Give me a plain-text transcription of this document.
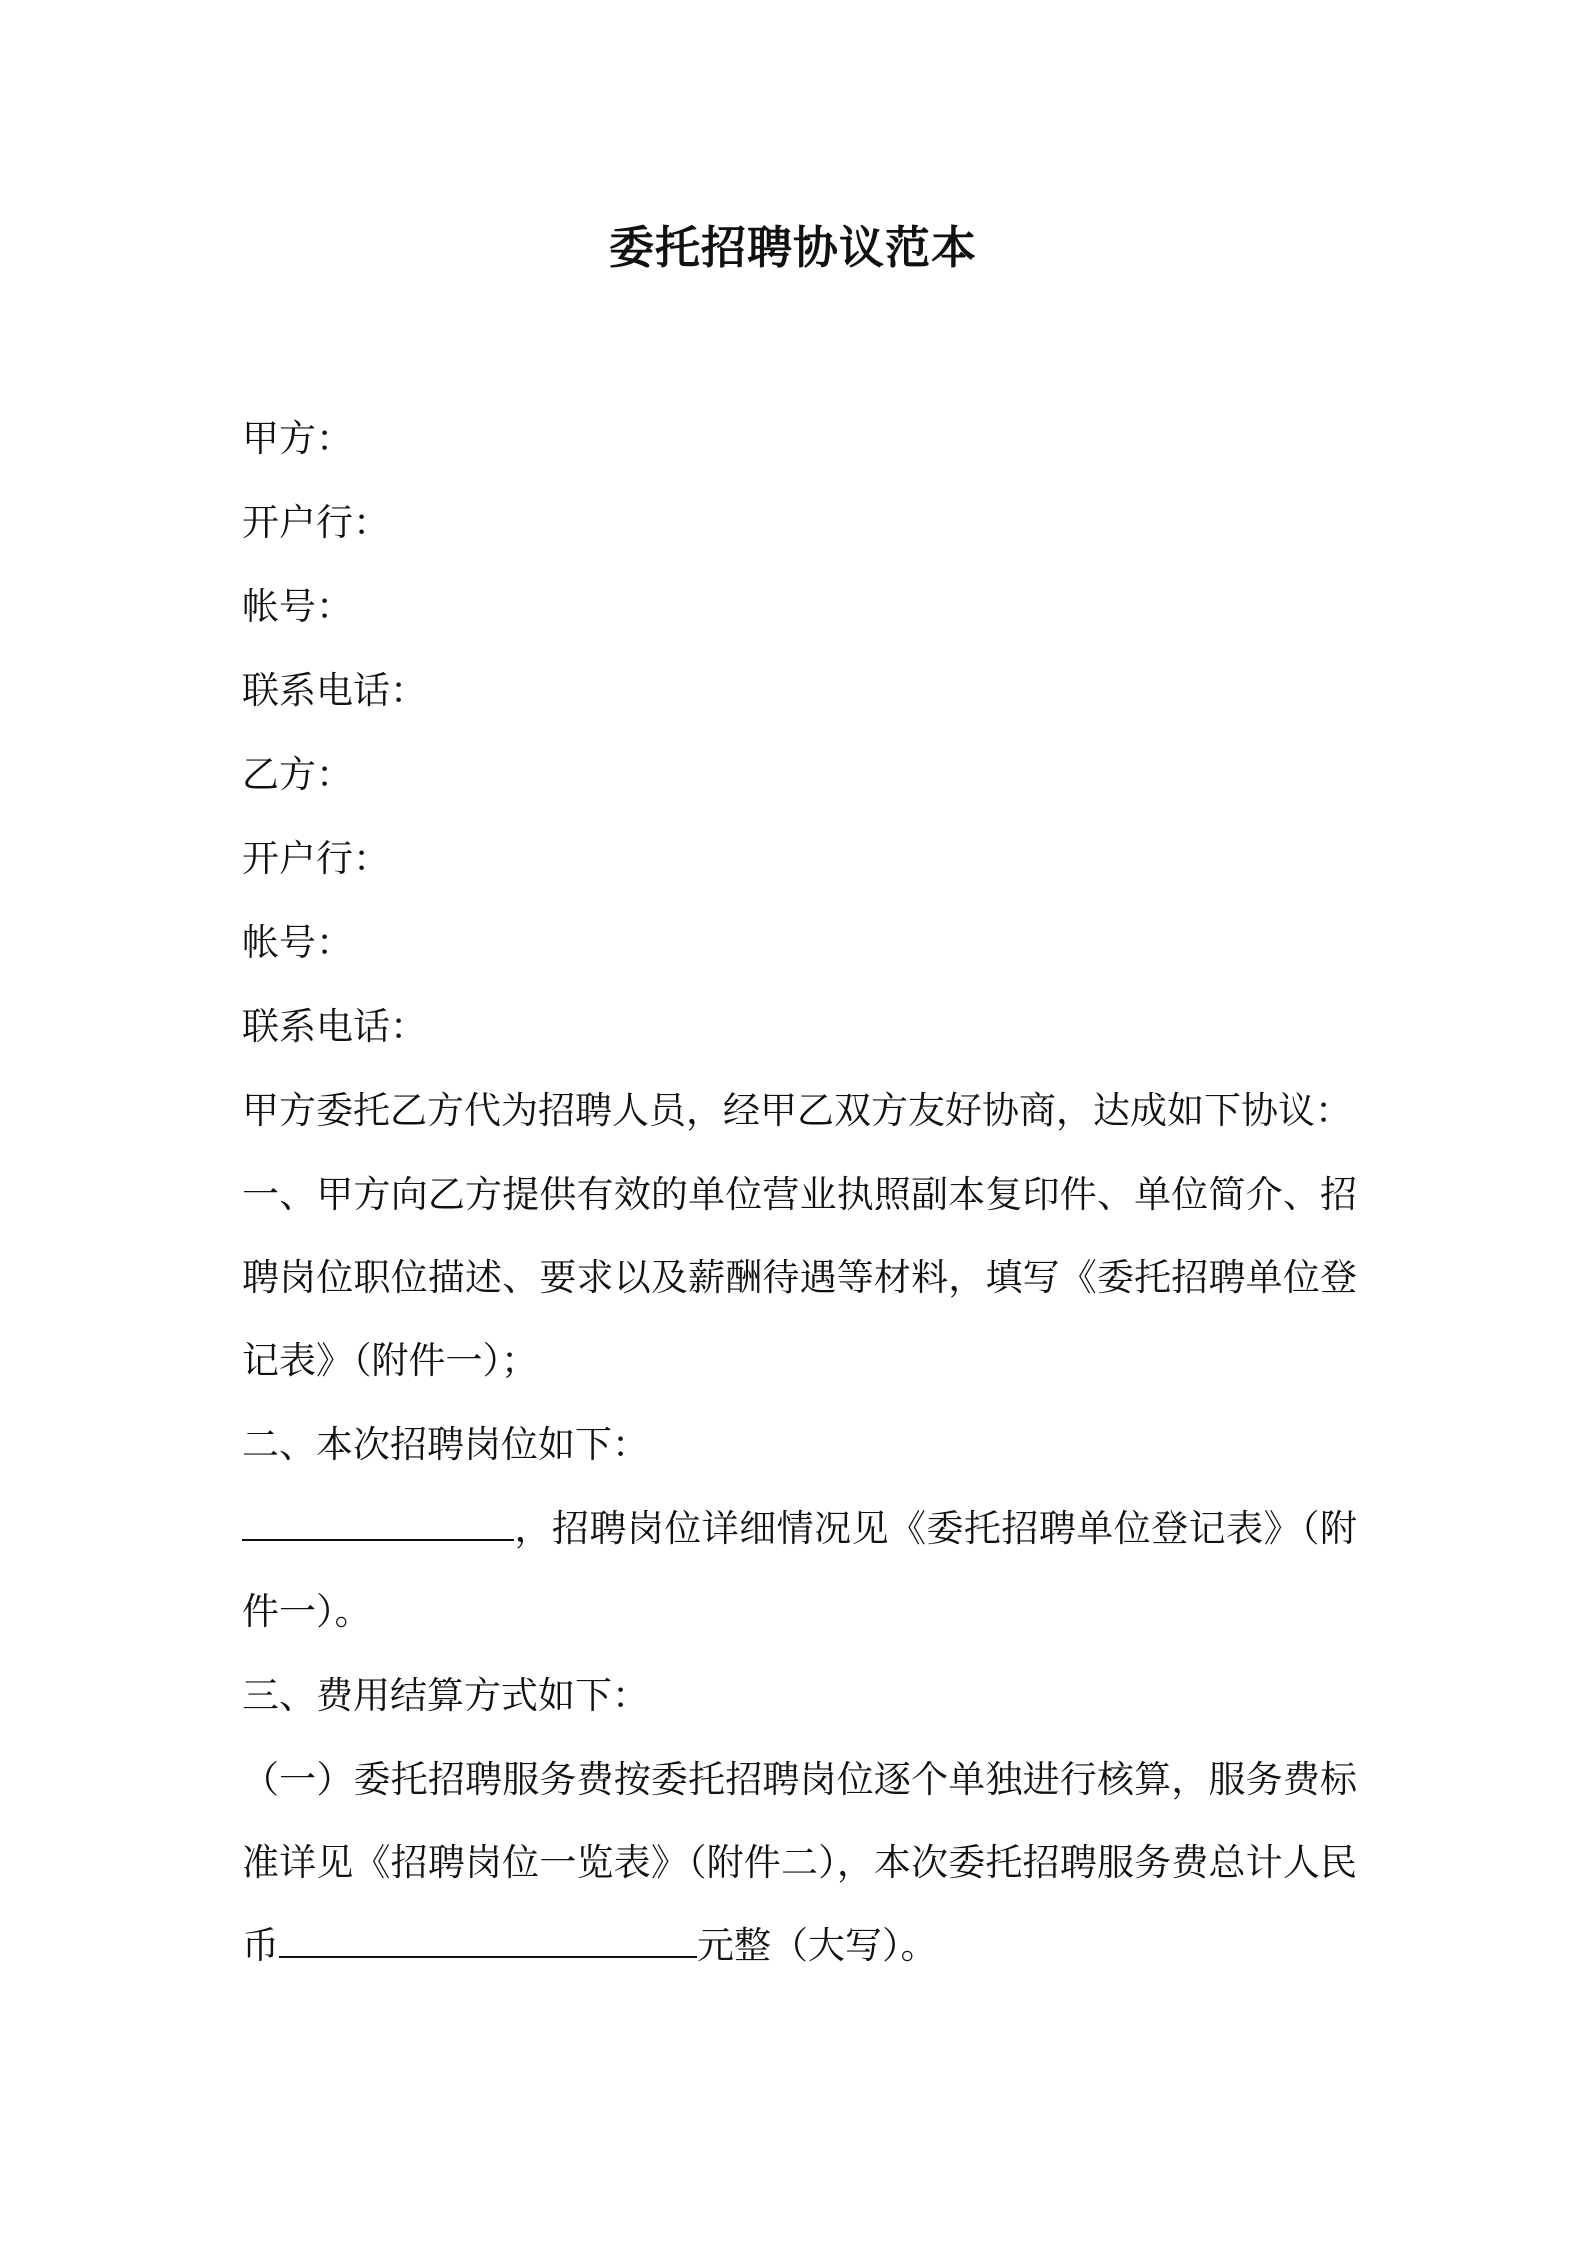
委托招聘协议范本
甲方：
开户行：
帐号：
联系电话：
乙方：
开户行：
帐号：
联系电话：
甲方委托乙方代为招聘人员，经甲乙双方友好协商，达成如下协议：
一、甲方向乙方提供有效的单位营业执照副本复印件、单位简介、招聘岗位职位描述、要求以及薪酬待遇等材料，填写《委托招聘单位登记表》（附件一）；
二、本次招聘岗位如下：
，招聘岗位详细情况见《委托招聘单位登记表》（附件一）。
三、费用结算方式如下：
（一）委托招聘服务费按委托招聘岗位逐个单独进行核算，服务费标准详见《招聘岗位一览表》（附件二），本次委托招聘服务费总计人民币	元整（大写）。
